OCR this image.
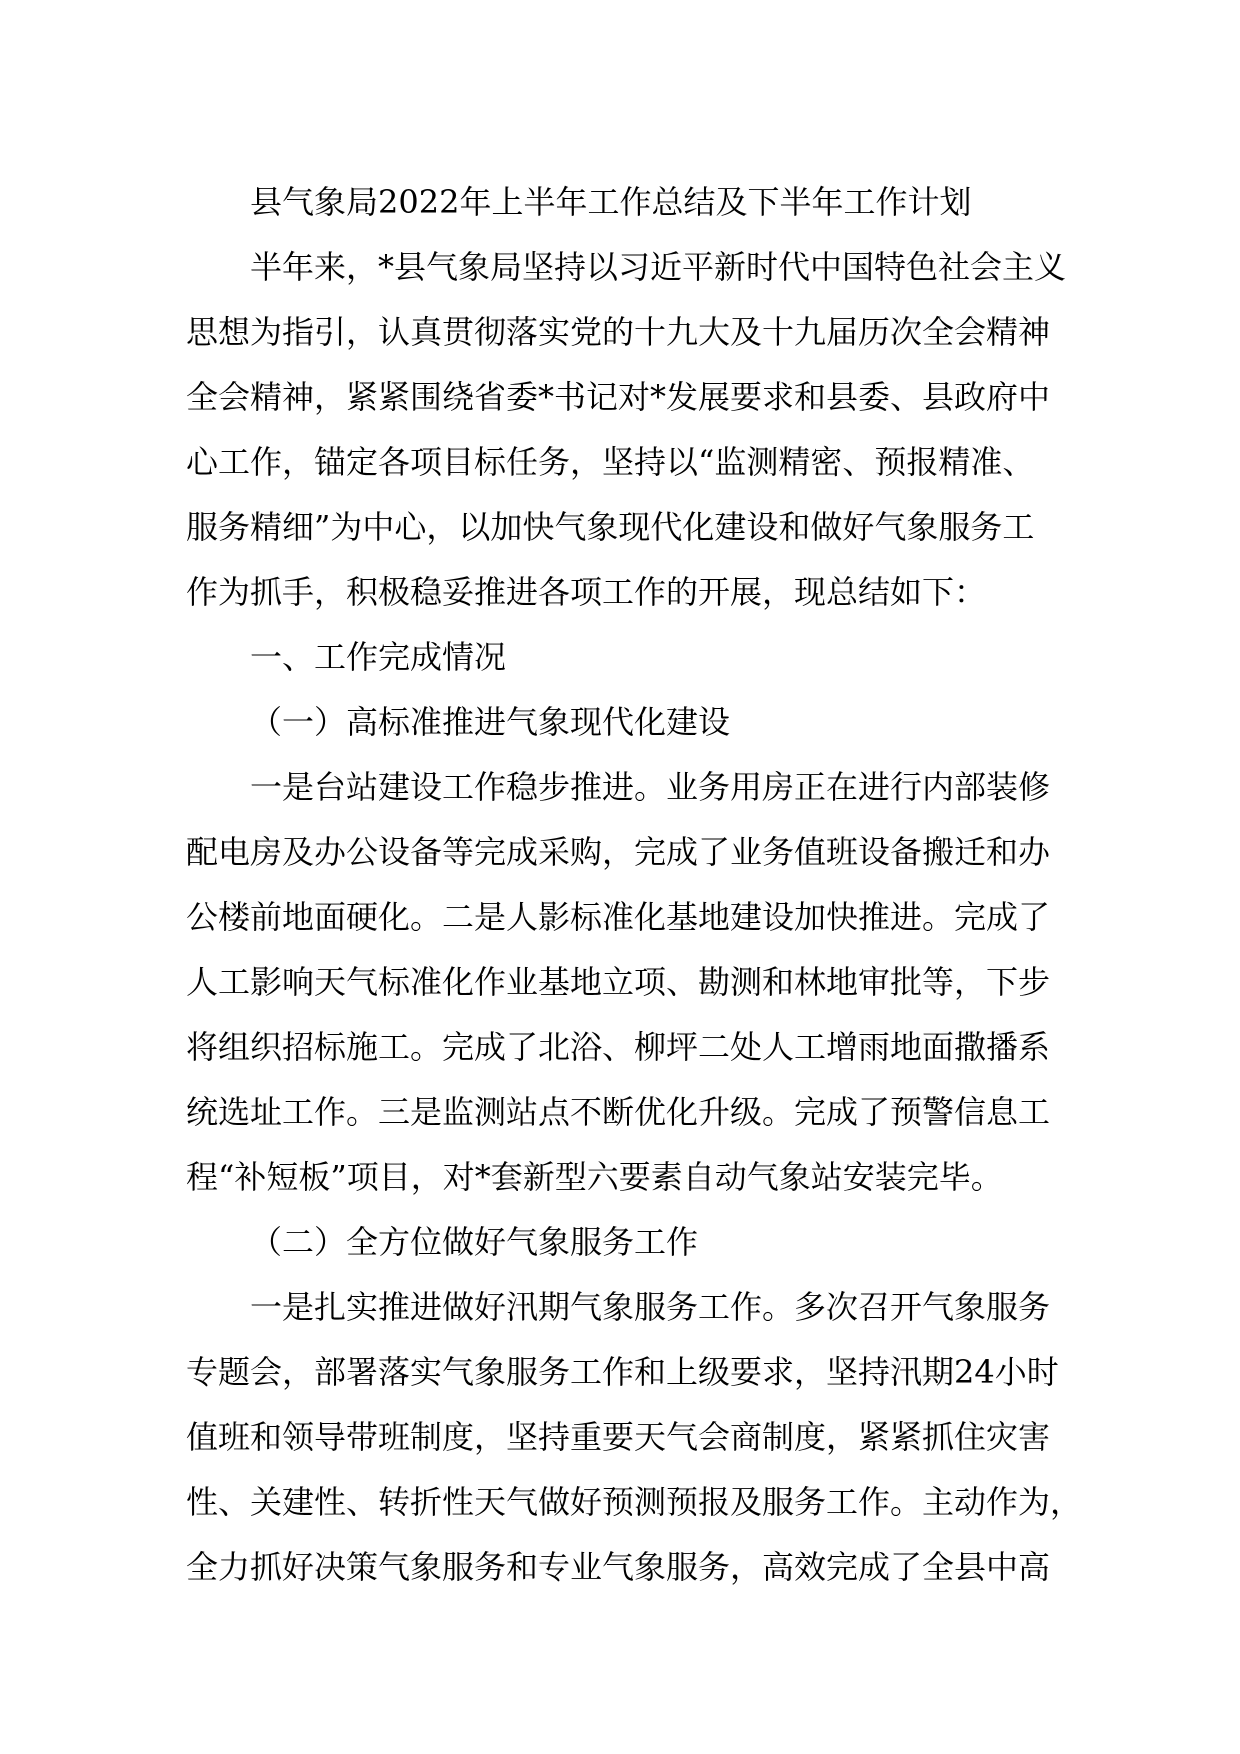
县气象局2022年上半年工作总结及下半年工作计划
半年来，*县气象局坚持以习近平新时代中国特色社会主义
思想为指引，认真贯彻落实党的十九大及十九届历次全会精神
全会精神，紧紧围绕省委*书记对*发展要求和县委、县政府中
心工作，锚定各项目标任务，坚持以“监测精密、预报精准、
服务精细”为中心，以加快气象现代化建设和做好气象服务工
作为抓手，积极稳妥推进各项工作的开展，现总结如下：
一、工作完成情况
（一）高标准推进气象现代化建设
一是台站建设工作稳步推进。业务用房正在进行内部装修
配电房及办公设备等完成采购，完成了业务值班设备搬迁和办
公楼前地面硬化。二是人影标准化基地建设加快推进。完成了
人工影响天气标准化作业基地立项、勘测和林地审批等，下步
将组织招标施工。完成了北浴、柳坪二处人工增雨地面撒播系
统选址工作。三是监测站点不断优化升级。完成了预警信息工
程“补短板”项目，对*套新型六要素自动气象站安装完毕。
（二）全方位做好气象服务工作
一是扎实推进做好汛期气象服务工作。多次召开气象服务
专题会，部署落实气象服务工作和上级要求，坚持汛期24小时
值班和领导带班制度，坚持重要天气会商制度，紧紧抓住灾害
性、关建性、转折性天气做好预测预报及服务工作。主动作为，
全力抓好决策气象服务和专业气象服务，高效完成了全县中高
